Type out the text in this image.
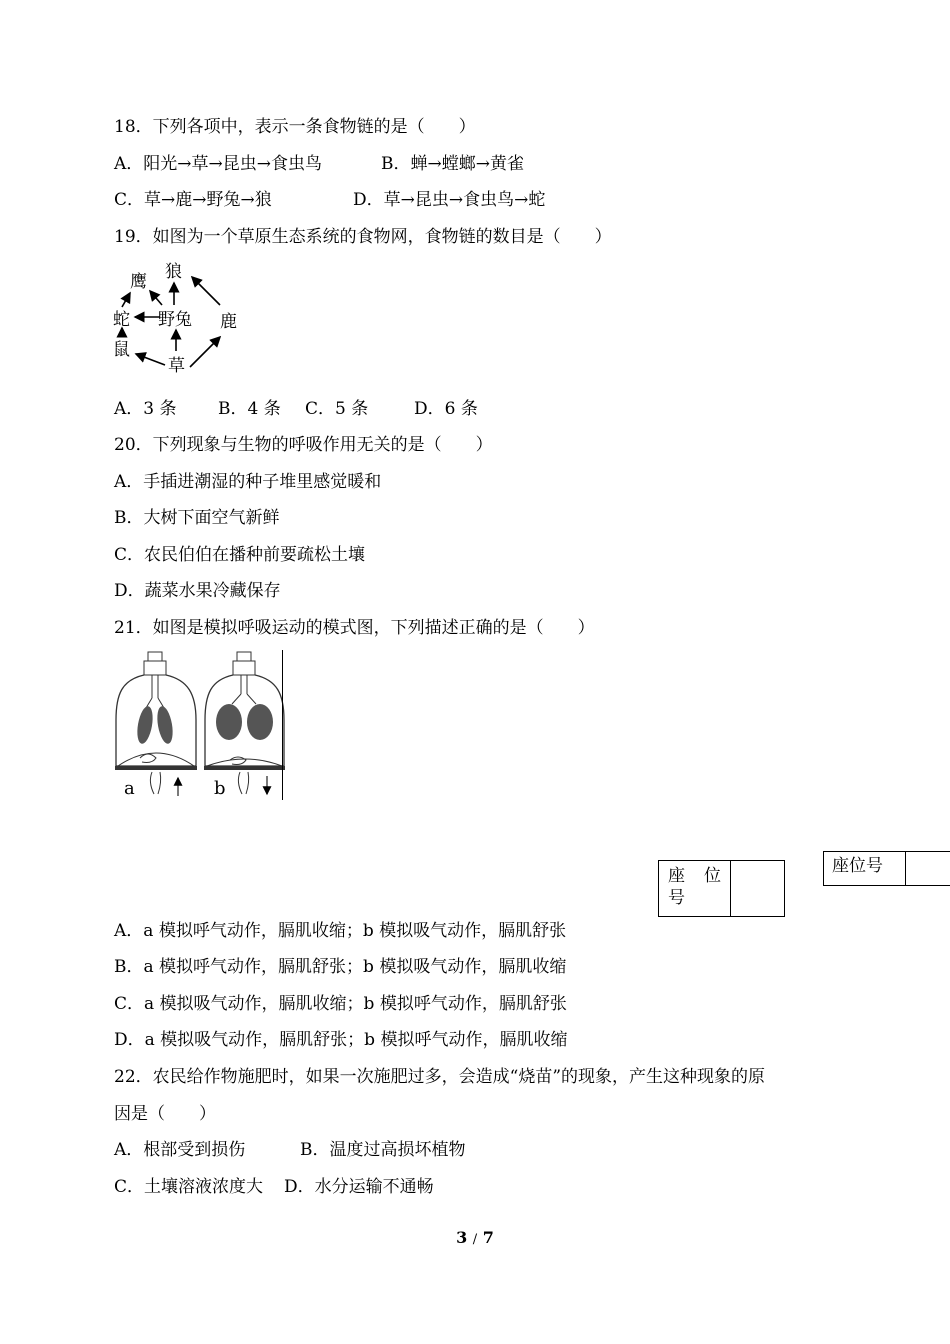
18．下列各项中，表示一条食物链的是（　　）
A．阳光→草→昆虫→食虫鸟	B．蝉→螳螂→黄雀
C．草→鹿→野兔→狼	D．草→昆虫→食虫鸟→蛇
19．如图为一个草原生态系统的食物网，食物链的数目是（　　）
鹰 狼
蛇 野兔 鹿
鼠
草
A．3 条 B．4 条 C．5 条	D．6 条
20．下列现象与生物的呼吸作用无关的是（　　）
A．手插进潮湿的种子堆里感觉暖和
B．大树下面空气新鲜
C．农民伯伯在播种前要疏松土壤
D．蔬菜水果冷藏保存
21．如图是模拟呼吸运动的模式图，下列描述正确的是（　　）
a	b
座 位
号
座位号
A．a 模拟呼气动作，膈肌收缩；b 模拟吸气动作，膈肌舒张
B．a 模拟呼气动作，膈肌舒张；b 模拟吸气动作，膈肌收缩
C．a 模拟吸气动作，膈肌收缩；b 模拟呼气动作，膈肌舒张
D．a 模拟吸气动作，膈肌舒张；b 模拟呼气动作，膈肌收缩
22．农民给作物施肥时，如果一次施肥过多，会造成“烧苗”的现象，产生这种现象的原
因是（　　）
A．根部受到损伤	B．温度过高损坏植物
C．土壤溶液浓度大 D．水分运输不通畅
3 / 7
